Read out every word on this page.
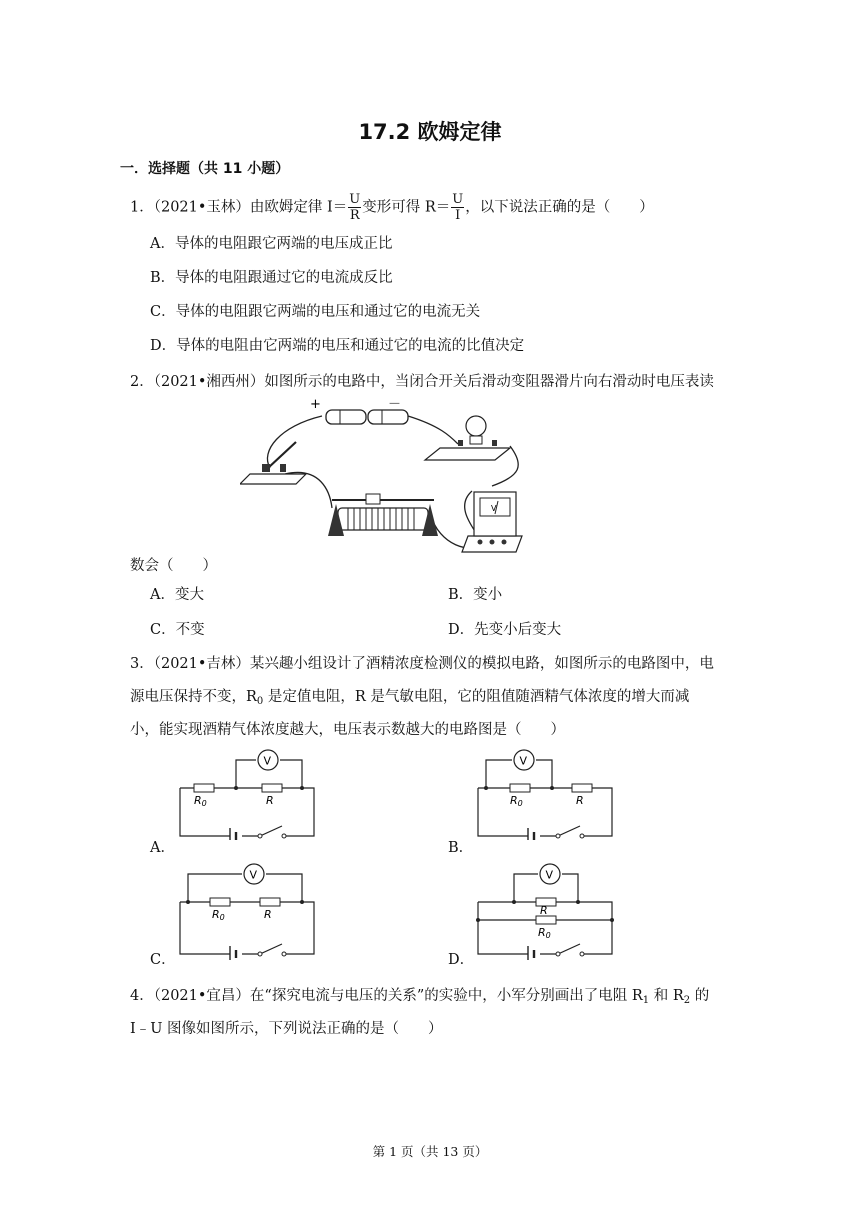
17.2 欧姆定律
一．选择题（共 11 小题）
1．（2021•玉林）由欧姆定律 $I= \frac{U}{R}$ 变形可得 $R= \frac{U}{I}$ ，以下说法正确的是（　　）
A．导体的电阻跟它两端的电压成正比
B．导体的电阻跟通过它的电流成反比
C．导体的电阻跟它两端的电压和通过它的电流无关
D．导体的电阻由它两端的电压和通过它的电流的比值决定
2．（2021•湘西州）如图所示的电路中，当闭合开关后滑动变阻器滑片向右滑动时电压表读
+	－
V
数会（　　）
A．变大	B．变小
C．不变	D．先变小后变大
3．（2021•吉林）某兴趣小组设计了酒精浓度检测仪的模拟电路，如图所示的电路图中，电
源电压保持不变，$R_0$ 是定值电阻，R 是气敏电阻，它的阻值随酒精气体浓度的增大而减
小，能实现酒精气体浓度越大，电压表示数越大的电路图是（　　）
V
R0	R
A．
V
R0	R
B．
V
R0	R
C．
V
R
R0
D．
4．（2021•宜昌）在“探究电流与电压的关系”的实验中，小军分别画出了电阻 $R_1$ 和 $R_2$ 的
I﹣U 图像如图所示，下列说法正确的是（　　）
第 1 页（共 13 页）
